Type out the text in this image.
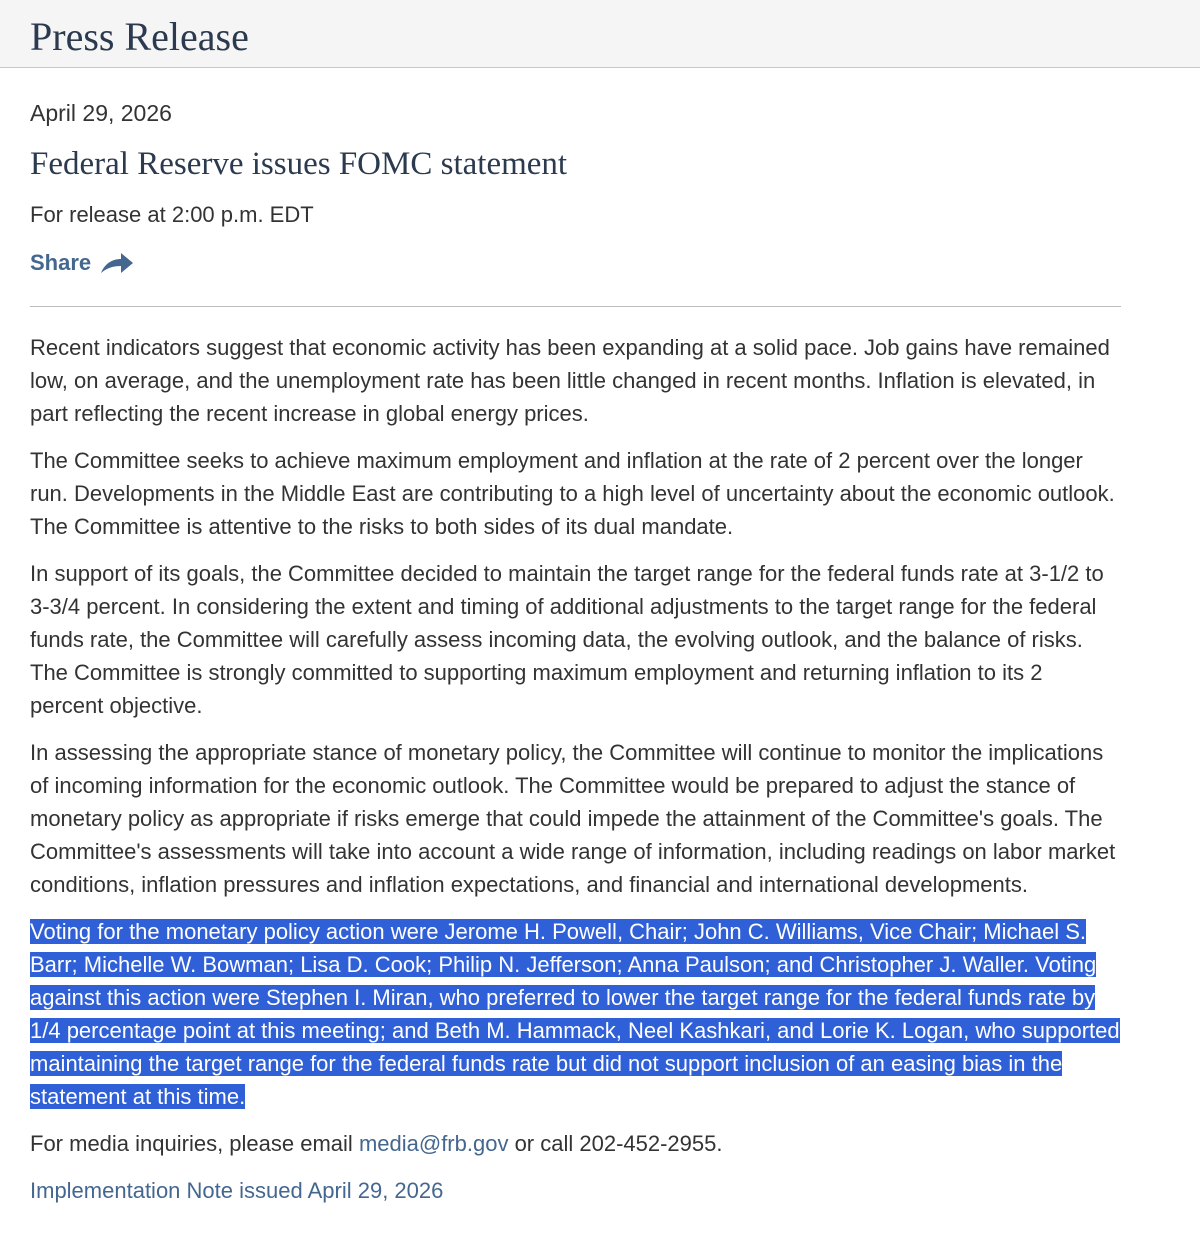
Press Release
April 29, 2026
Federal Reserve issues FOMC statement
For release at 2:00 p.m. EDT
Share

Recent indicators suggest that economic activity has been expanding at a solid pace. Job gains have remained low, on average, and the unemployment rate has been little changed in recent months. Inflation is elevated, in part reflecting the recent increase in global energy prices.

The Committee seeks to achieve maximum employment and inflation at the rate of 2 percent over the longer run. Developments in the Middle East are contributing to a high level of uncertainty about the economic outlook. The Committee is attentive to the risks to both sides of its dual mandate.

In support of its goals, the Committee decided to maintain the target range for the federal funds rate at 3-1/2 to 3-3/4 percent. In considering the extent and timing of additional adjustments to the target range for the federal funds rate, the Committee will carefully assess incoming data, the evolving outlook, and the balance of risks. The Committee is strongly committed to supporting maximum employment and returning inflation to its 2 percent objective.

In assessing the appropriate stance of monetary policy, the Committee will continue to monitor the implications of incoming information for the economic outlook. The Committee would be prepared to adjust the stance of monetary policy as appropriate if risks emerge that could impede the attainment of the Committee's goals. The Committee's assessments will take into account a wide range of information, including readings on labor market conditions, inflation pressures and inflation expectations, and financial and international developments.

Voting for the monetary policy action were Jerome H. Powell, Chair; John C. Williams, Vice Chair; Michael S. Barr; Michelle W. Bowman; Lisa D. Cook; Philip N. Jefferson; Anna Paulson; and Christopher J. Waller. Voting against this action were Stephen I. Miran, who preferred to lower the target range for the federal funds rate by 1/4 percentage point at this meeting; and Beth M. Hammack, Neel Kashkari, and Lorie K. Logan, who supported maintaining the target range for the federal funds rate but did not support inclusion of an easing bias in the statement at this time.

For media inquiries, please email media@frb.gov or call 202-452-2955.

Implementation Note issued April 29, 2026
